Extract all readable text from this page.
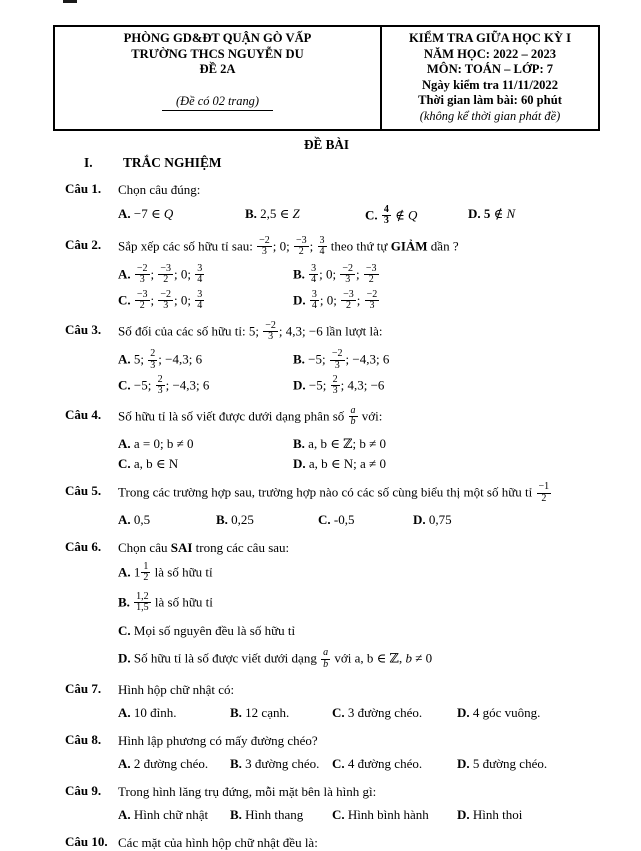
PHÒNG GD&ĐT QUẬN GÒ VẤP
TRƯỜNG THCS NGUYỄN DU
ĐỀ 2A
(Đề có 02 trang)
KIỂM TRA GIỮA HỌC KỲ I
NĂM HỌC: 2022 – 2023
MÔN: TOÁN – LỚP: 7
Ngày kiểm tra 11/11/2022
Thời gian làm bài: 60 phút
(không kể thời gian phát đề)
ĐỀ BÀI
I. TRẮC NGHIỆM
Câu 1. Chọn câu đúng:
A. −7 ∈ Q	B. 2,5 ∈ Z	C. $\frac{4}{3}$ ∉ Q	D. 5 ∉ N
Câu 2. Sắp xếp các số hữu tỉ sau: $\frac{-2}{3}$ ; 0; $\frac{-3}{2}$ ; $\frac{3}{4}$ theo thứ tự GIẢM dần ?
A. $\frac{-2}{3}$ ; $\frac{-3}{2}$ ; 0; $\frac{3}{4}$	B. $\frac{3}{4}$ ; 0; $\frac{-2}{3}$ ; $\frac{-3}{2}$
C. $\frac{-3}{2}$ ; $\frac{-2}{3}$ ; 0; $\frac{3}{4}$	D. $\frac{3}{4}$ ; 0; $\frac{-3}{2}$ ; $\frac{-2}{3}$
Câu 3. Số đối của các số hữu tỉ: 5; $\frac{-2}{3}$ ; 4,3; −6 lần lượt là:
A. 5; $\frac{2}{3}$ ; −4,3; 6	B. −5; $\frac{-2}{3}$ ; −4,3; 6
C. −5; $\frac{2}{3}$ ; −4,3; 6	D. −5; $\frac{2}{3}$ ; 4,3; −6
Câu 4. Số hữu tỉ là số viết được dưới dạng phân số $\frac{a}{b}$ với:
A. a = 0; b ≠ 0	B. a, b ∈ ℤ; b ≠ 0
C. a, b ∈ N	D. a, b ∈ N; a ≠ 0
Câu 5. Trong các trường hợp sau, trường hợp nào có các số cùng biểu thị một số hữu tỉ $\frac{-1}{2}$
A. 0,5	B. 0,25	C. -0,5	D. 0,75
Câu 6. Chọn câu SAI trong các câu sau:
A. $1 \frac{1}{2}$ là số hữu tỉ
B. $\frac{1,2}{1,5}$ là số hữu tỉ
C. Mọi số nguyên đều là số hữu tỉ
D. Số hữu tỉ là số được viết dưới dạng $\frac{a}{b}$ với a, b ∈ ℤ, b ≠ 0
Câu 7. Hình hộp chữ nhật có:
A. 10 đỉnh.	B. 12 cạnh.	C. 3 đường chéo.	D. 4 góc vuông.
Câu 8. Hình lập phương có mấy đường chéo?
A. 2 đường chéo.	B. 3 đường chéo. C. 4 đường chéo.	D. 5 đường chéo.
Câu 9. Trong hình lăng trụ đứng, mỗi mặt bên là hình gì:
A. Hình chữ nhật	B. Hình thang	C. Hình bình hành	D. Hình thoi
Câu 10. Các mặt của hình hộp chữ nhật đều là:
